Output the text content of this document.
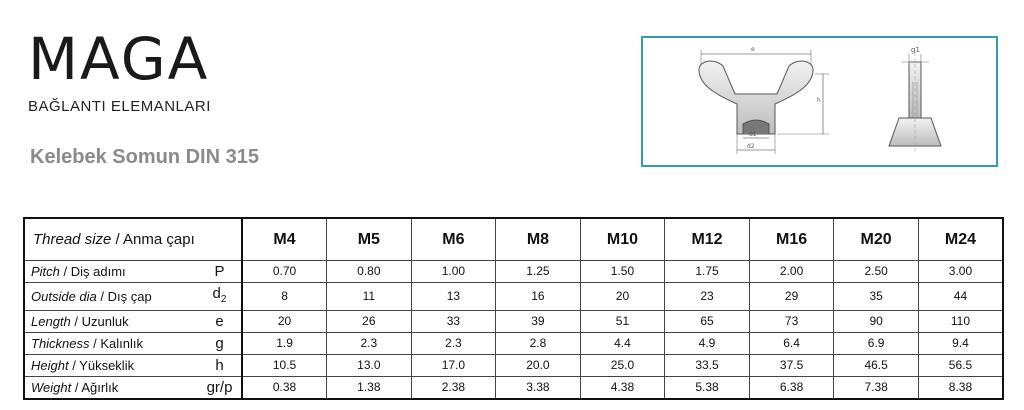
MAGA
BAĞLANTI ELEMANLARI
Kelebek Somun DIN 315
e
h
d1
d2
g1
Thread size / Anma çapı		M4	M5	M6	M8	M10	M12	M16	M20	M24
Pitch / Diş adımı	P	0.70	0.80	1.00	1.25	1.50	1.75	2.00	2.50	3.00
Outside dia / Dış çap	$d_2$	8	11	13	16	20	23	29	35	44
Length / Uzunluk	e	20	26	33	39	51	65	73	90	110
Thickness / Kalınlık	g	1.9	2.3	2.3	2.8	4.4	4.9	6.4	6.9	9.4
Height / Yükseklik	h	10.5	13.0	17.0	20.0	25.0	33.5	37.5	46.5	56.5
Weight / Ağırlık	gr/p	0.38	1.38	2.38	3.38	4.38	5.38	6.38	7.38	8.38
